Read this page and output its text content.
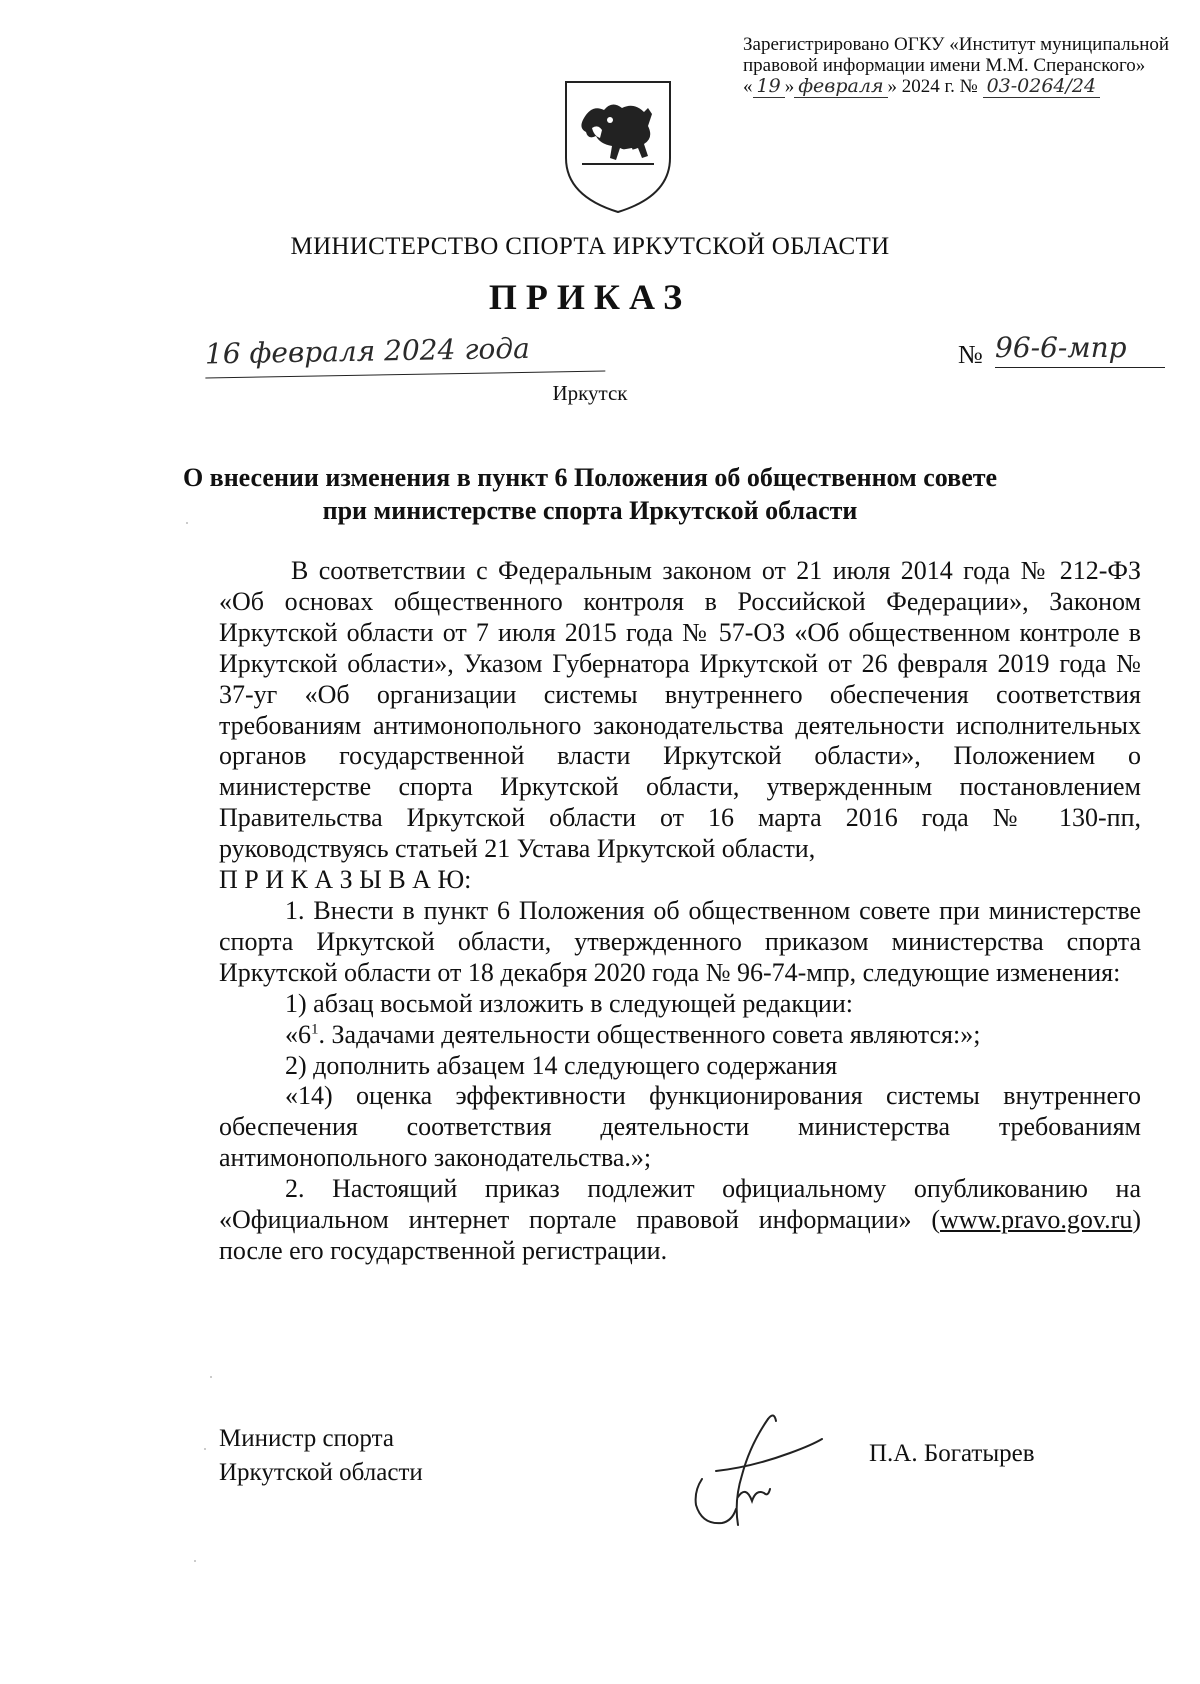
Зарегистрировано ОГКУ «Институт муниципальной
правовой информации имени М.М. Сперанского»
« 19 » февраля » 2024 г. № 03-0264/24
МИНИСТЕРСТВО СПОРТА ИРКУТСКОЙ ОБЛАСТИ
ПРИКАЗ
16 февраля 2024 года	№ 96-6-мпр
Иркутск
О внесении изменения в пункт 6 Положения об общественном совете
при министерстве спорта Иркутской области

В соответствии с Федеральным законом от 21 июля 2014 года № 212-ФЗ «Об основах общественного контроля в Российской Федерации», Законом Иркутской области от 7 июля 2015 года № 57-ОЗ «Об общественном контроле в Иркутской области», Указом Губернатора Иркутской от 26 февраля 2019 года № 37-уг «Об организации системы внутреннего обеспечения соответствия требованиям антимонопольного законодательства деятельности исполнительных органов государственной власти Иркутской области», Положением о министерстве спорта Иркутской области, утвержденным постановлением Правительства Иркутской области от 16 марта 2016 года № 130-пп, руководствуясь статьей 21 Устава Иркутской области,

П Р И К А З Ы В А Ю:

1. Внести в пункт 6 Положения об общественном совете при министерстве спорта Иркутской области, утвержденного приказом министерства спорта Иркутской области от 18 декабря 2020 года № 96-74-мпр, следующие изменения:

1) абзац восьмой изложить в следующей редакции:

«$6^1$. Задачами деятельности общественного совета являются:»;

2) дополнить абзацем 14 следующего содержания

«14) оценка эффективности функционирования системы внутреннего обеспечения соответствия деятельности министерства требованиям антимонопольного законодательства.»;

2. Настоящий приказ подлежит официальному опубликованию на «Официальном интернет портале правовой информации» (www.pravo.gov.ru) после его государственной регистрации.

Министр спорта
Иркутской области
П.А. Богатырев
